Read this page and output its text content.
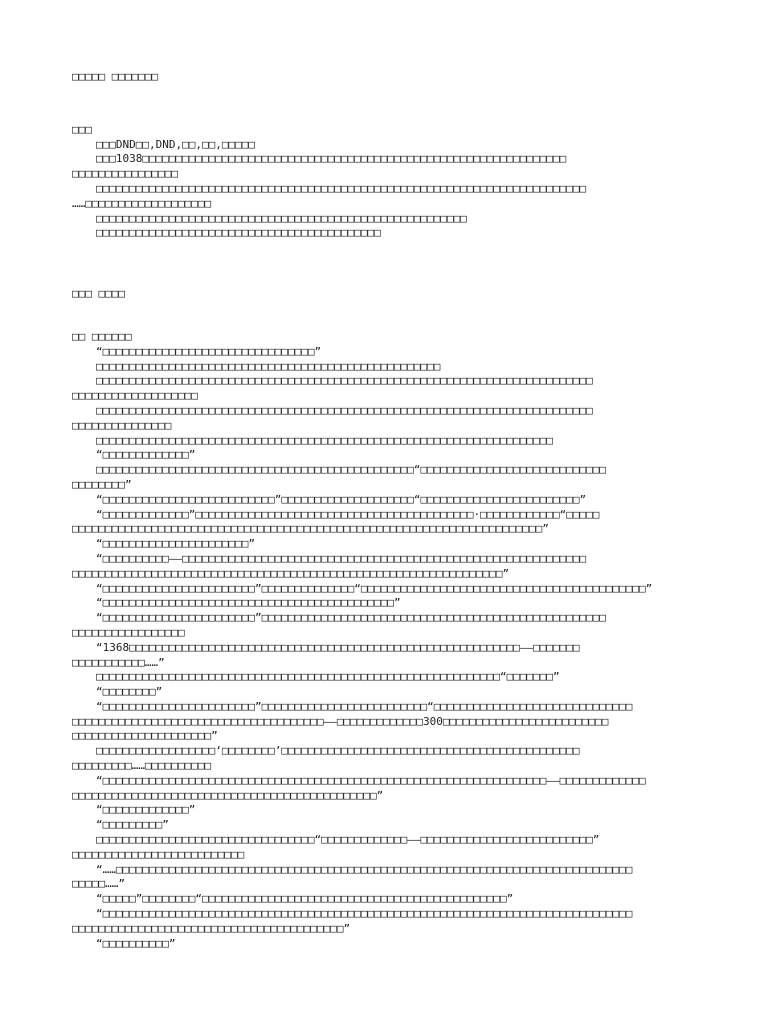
□□□□□ □□□□□□□
□□□
□□□DND□□,DND,□□,□□,□□□□□
□□□1038□□□□□□□□□□□□□□□□□□□□□□□□□□□□□□□□□□□□□□□□□□□□□□□□□□□□□□□□□□□□□□□□
□□□□□□□□□□□□□□□□
□□□□□□□□□□□□□□□□□□□□□□□□□□□□□□□□□□□□□□□□□□□□□□□□□□□□□□□□□□□□□□□□□□□□□□□□□□
……□□□□□□□□□□□□□□□□□□□
□□□□□□□□□□□□□□□□□□□□□□□□□□□□□□□□□□□□□□□□□□□□□□□□□□□□□□□□
□□□□□□□□□□□□□□□□□□□□□□□□□□□□□□□□□□□□□□□□□□□
□□□ □□□□
□□ □□□□□□
“□□□□□□□□□□□□□□□□□□□□□□□□□□□□□□□□”
□□□□□□□□□□□□□□□□□□□□□□□□□□□□□□□□□□□□□□□□□□□□□□□□□□□□
□□□□□□□□□□□□□□□□□□□□□□□□□□□□□□□□□□□□□□□□□□□□□□□□□□□□□□□□□□□□□□□□□□□□□□□□□□□
□□□□□□□□□□□□□□□□□□□
□□□□□□□□□□□□□□□□□□□□□□□□□□□□□□□□□□□□□□□□□□□□□□□□□□□□□□□□□□□□□□□□□□□□□□□□□□□
□□□□□□□□□□□□□□□
□□□□□□□□□□□□□□□□□□□□□□□□□□□□□□□□□□□□□□□□□□□□□□□□□□□□□□□□□□□□□□□□□□□□□
“□□□□□□□□□□□□□”
□□□□□□□□□□□□□□□□□□□□□□□□□□□□□□□□□□□□□□□□□□□□□□□□“□□□□□□□□□□□□□□□□□□□□□□□□□□□□
□□□□□□□□”
“□□□□□□□□□□□□□□□□□□□□□□□□□□”□□□□□□□□□□□□□□□□□□□□“□□□□□□□□□□□□□□□□□□□□□□□□”
“□□□□□□□□□□□□□”□□□□□□□□□□□□□□□□□□□□□□□□□□□□□□□□□□□□□□□□□□·□□□□□□□□□□□□“□□□□□
□□□□□□□□□□□□□□□□□□□□□□□□□□□□□□□□□□□□□□□□□□□□□□□□□□□□□□□□□□□□□□□□□□□□□□□”
“□□□□□□□□□□□□□□□□□□□□□□”
“□□□□□□□□□□——□□□□□□□□□□□□□□□□□□□□□□□□□□□□□□□□□□□□□□□□□□□□□□□□□□□□□□□□□□□□□
□□□□□□□□□□□□□□□□□□□□□□□□□□□□□□□□□□□□□□□□□□□□□□□□□□□□□□□□□□□□□□□□□”
“□□□□□□□□□□□□□□□□□□□□□□□”□□□□□□□□□□□□□□“□□□□□□□□□□□□□□□□□□□□□□□□□□□□□□□□□□□□□□□□□□□”
“□□□□□□□□□□□□□□□□□□□□□□□□□□□□□□□□□□□□□□□□□□□□”
“□□□□□□□□□□□□□□□□□□□□□□□”□□□□□□□□□□□□□□□□□□□□□□□□□□□□□□□□□□□□□□□□□□□□□□□□□□□□
□□□□□□□□□□□□□□□□□
“1368□□□□□□□□□□□□□□□□□□□□□□□□□□□□□□□□□□□□□□□□□□□□□□□□□□□□□□□□□□□——□□□□□□□
□□□□□□□□□□□……”
□□□□□□□□□□□□□□□□□□□□□□□□□□□□□□□□□□□□□□□□□□□□□□□□□□□□□□□□□□□□□“□□□□□□□”
“□□□□□□□□”
“□□□□□□□□□□□□□□□□□□□□□□□”□□□□□□□□□□□□□□□□□□□□□□□□□“□□□□□□□□□□□□□□□□□□□□□□□□□□□□□□
□□□□□□□□□□□□□□□□□□□□□□□□□□□□□□□□□□□□□□——□□□□□□□□□□□□□300□□□□□□□□□□□□□□□□□□□□□□□□□
□□□□□□□□□□□□□□□□□□□□□”
□□□□□□□□□□□□□□□□□□‘□□□□□□□□’□□□□□□□□□□□□□□□□□□□□□□□□□□□□□□□□□□□□□□□□□□□□□
□□□□□□□□□……□□□□□□□□□□
“□□□□□□□□□□□□□□□□□□□□□□□□□□□□□□□□□□□□□□□□□□□□□□□□□□□□□□□□□□□□□□□□□□□——□□□□□□□□□□□□□
□□□□□□□□□□□□□□□□□□□□□□□□□□□□□□□□□□□□□□□□□□□□□□”
“□□□□□□□□□□□□□”
“□□□□□□□□□”
□□□□□□□□□□□□□□□□□□□□□□□□□□□□□□□□□“□□□□□□□□□□□□□——□□□□□□□□□□□□□□□□□□□□□□□□□□”
□□□□□□□□□□□□□□□□□□□□□□□□□□
“……□□□□□□□□□□□□□□□□□□□□□□□□□□□□□□□□□□□□□□□□□□□□□□□□□□□□□□□□□□□□□□□□□□□□□□□□□□□□□□
□□□□□……”
“□□□□□”□□□□□□□□“□□□□□□□□□□□□□□□□□□□□□□□□□□□□□□□□□□□□□□□□□□□□□□”
“□□□□□□□□□□□□□□□□□□□□□□□□□□□□□□□□□□□□□□□□□□□□□□□□□□□□□□□□□□□□□□□□□□□□□□□□□□□□□□□□
□□□□□□□□□□□□□□□□□□□□□□□□□□□□□□□□□□□□□□□□□”
“□□□□□□□□□□”
